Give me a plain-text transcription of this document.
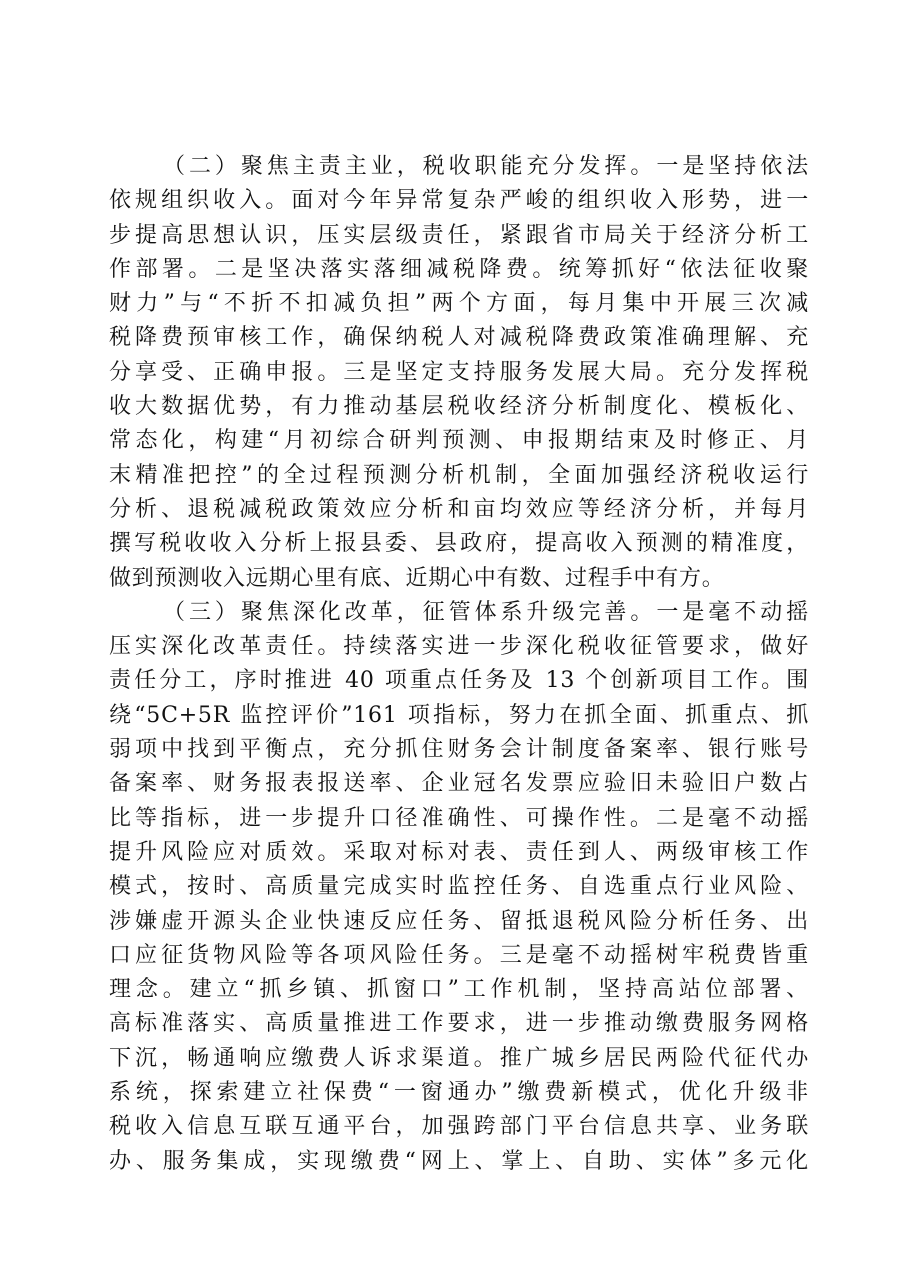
（二）聚焦主责主业，税收职能充分发挥。一是坚持依法
依规组织收入。面对今年异常复杂严峻的组织收入形势，进一
步提高思想认识，压实层级责任，紧跟省市局关于经济分析工
作部署。二是坚决落实落细减税降费。统筹抓好“依法征收聚
财力”与“不折不扣减负担”两个方面，每月集中开展三次减
税降费预审核工作，确保纳税人对减税降费政策准确理解、充
分享受、正确申报。三是坚定支持服务发展大局。充分发挥税
收大数据优势，有力推动基层税收经济分析制度化、模板化、
常态化，构建“月初综合研判预测、申报期结束及时修正、月
末精准把控”的全过程预测分析机制，全面加强经济税收运行
分析、退税减税政策效应分析和亩均效应等经济分析，并每月
撰写税收收入分析上报县委、县政府，提高收入预测的精准度，
做到预测收入远期心里有底、近期心中有数、过程手中有方。
（三）聚焦深化改革，征管体系升级完善。一是毫不动摇
压实深化改革责任。持续落实进一步深化税收征管要求，做好
责任分工，序时推进 40 项重点任务及 13 个创新项目工作。围
绕“5C+5R 监控评价”161 项指标，努力在抓全面、抓重点、抓
弱项中找到平衡点，充分抓住财务会计制度备案率、银行账号
备案率、财务报表报送率、企业冠名发票应验旧未验旧户数占
比等指标，进一步提升口径准确性、可操作性。二是毫不动摇
提升风险应对质效。采取对标对表、责任到人、两级审核工作
模式，按时、高质量完成实时监控任务、自选重点行业风险、
涉嫌虚开源头企业快速反应任务、留抵退税风险分析任务、出
口应征货物风险等各项风险任务。三是毫不动摇树牢税费皆重
理念。建立“抓乡镇、抓窗口”工作机制，坚持高站位部署、
高标准落实、高质量推进工作要求，进一步推动缴费服务网格
下沉，畅通响应缴费人诉求渠道。推广城乡居民两险代征代办
系统，探索建立社保费“一窗通办”缴费新模式，优化升级非
税收入信息互联互通平台，加强跨部门平台信息共享、业务联
办、服务集成，实现缴费“网上、掌上、自助、实体”多元化
